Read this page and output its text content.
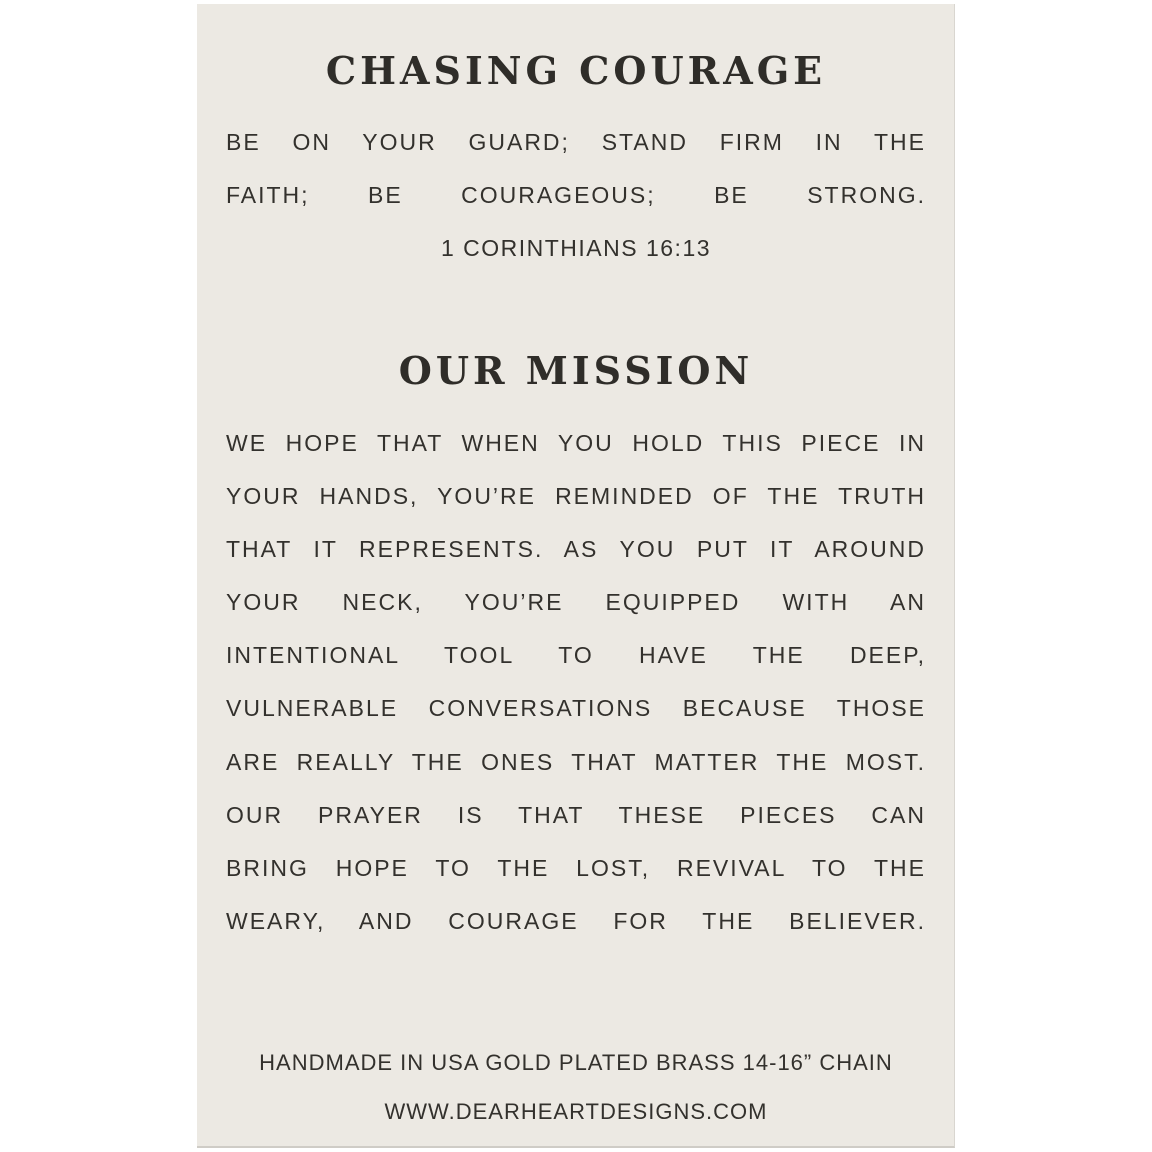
CHASING COURAGE
BE ON YOUR GUARD; STAND FIRM IN THE
FAITH; BE COURAGEOUS; BE STRONG.
1 CORINTHIANS 16:13
OUR MISSION
WE HOPE THAT WHEN YOU HOLD THIS PIECE IN
YOUR HANDS, YOU’RE REMINDED OF THE TRUTH
THAT IT REPRESENTS. AS YOU PUT IT AROUND
YOUR NECK, YOU’RE EQUIPPED WITH AN
INTENTIONAL TOOL TO HAVE THE DEEP,
VULNERABLE CONVERSATIONS BECAUSE THOSE
ARE REALLY THE ONES THAT MATTER THE MOST.
OUR PRAYER IS THAT THESE PIECES CAN
BRING HOPE TO THE LOST, REVIVAL TO THE
WEARY, AND COURAGE FOR THE BELIEVER.
HANDMADE IN USA GOLD PLATED BRASS 14-16” CHAIN
WWW.DEARHEARTDESIGNS.COM
